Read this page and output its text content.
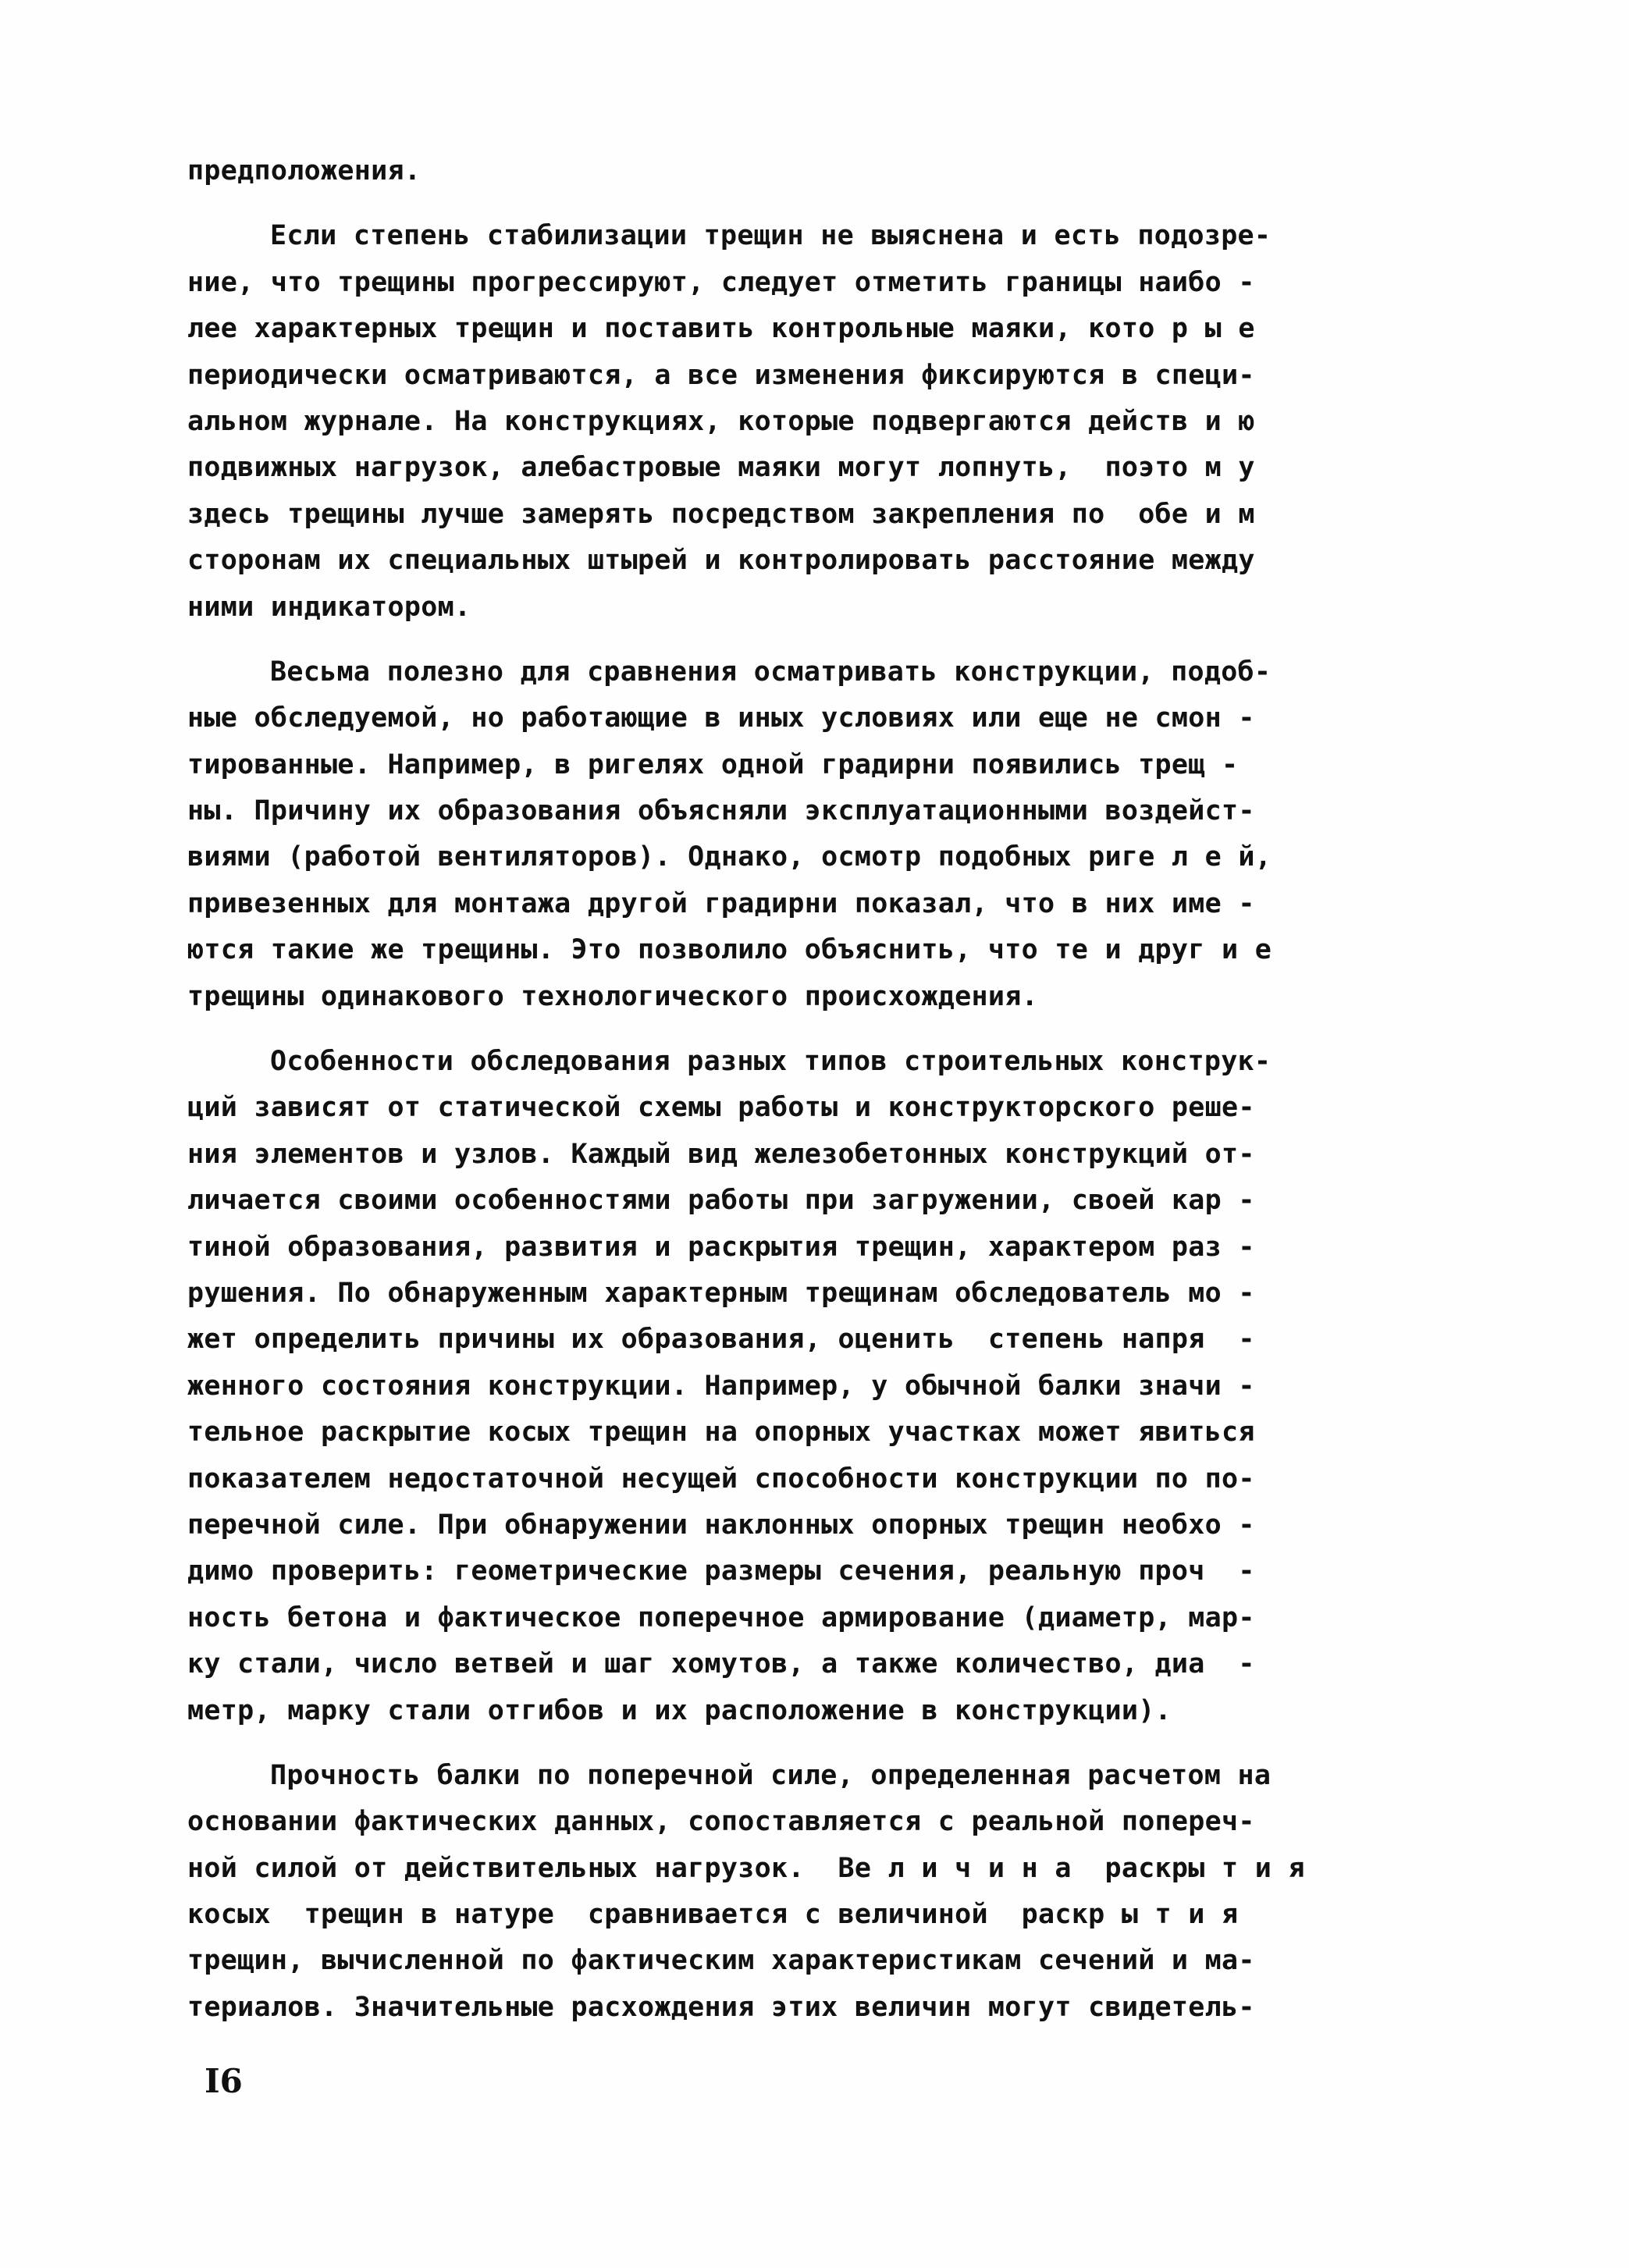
предположения.
Если степень стабилизации трещин не выяснена и есть подозре-
ние, что трещины прогрессируют, следует отметить границы наибо -
лее характерных трещин и поставить контрольные маяки, кото р ы е
периодически осматриваются, а все изменения фиксируются в специ-
альном журнале. На конструкциях, которые подвергаются действ и ю
подвижных нагрузок, алебастровые маяки могут лопнуть,  поэто м у
здесь трещины лучше замерять посредством закрепления по  обе и м
сторонам их специальных штырей и контролировать расстояние между
ними индикатором.
Весьма полезно для сравнения осматривать конструкции, подоб-
ные обследуемой, но работающие в иных условиях или еще не смон -
тированные. Например, в ригелях одной градирни появились трещ -
ны. Причину их образования объясняли эксплуатационными воздейст-
виями (работой вентиляторов). Однако, осмотр подобных риге л е й,
привезенных для монтажа другой градирни показал, что в них име -
ются такие же трещины. Это позволило объяснить, что те и друг и е
трещины одинакового технологического происхождения.
Особенности обследования разных типов строительных конструк-
ций зависят от статической схемы работы и конструкторского реше-
ния элементов и узлов. Каждый вид железобетонных конструкций от-
личается своими особенностями работы при загружении, своей кар -
тиной образования, развития и раскрытия трещин, характером раз -
рушения. По обнаруженным характерным трещинам обследователь мо -
жет определить причины их образования, оценить  степень напря  -
женного состояния конструкции. Например, у обычной балки значи -
тельное раскрытие косых трещин на опорных участках может явиться
показателем недостаточной несущей способности конструкции по по-
перечной силе. При обнаружении наклонных опорных трещин необхо -
димо проверить: геометрические размеры сечения, реальную проч  -
ность бетона и фактическое поперечное армирование (диаметр, мар-
ку стали, число ветвей и шаг хомутов, а также количество, диа  -
метр, марку стали отгибов и их расположение в конструкции).
Прочность балки по поперечной силе, определенная расчетом на
основании фактических данных, сопоставляется с реальной попереч-
ной силой от действительных нагрузок.  Ве л и ч и н а  раскры т и я
косых  трещин в натуре  сравнивается с величиной  раскр ы т и я
трещин, вычисленной по фактическим характеристикам сечений и ма-
териалов. Значительные расхождения этих величин могут свидетель-
I6
